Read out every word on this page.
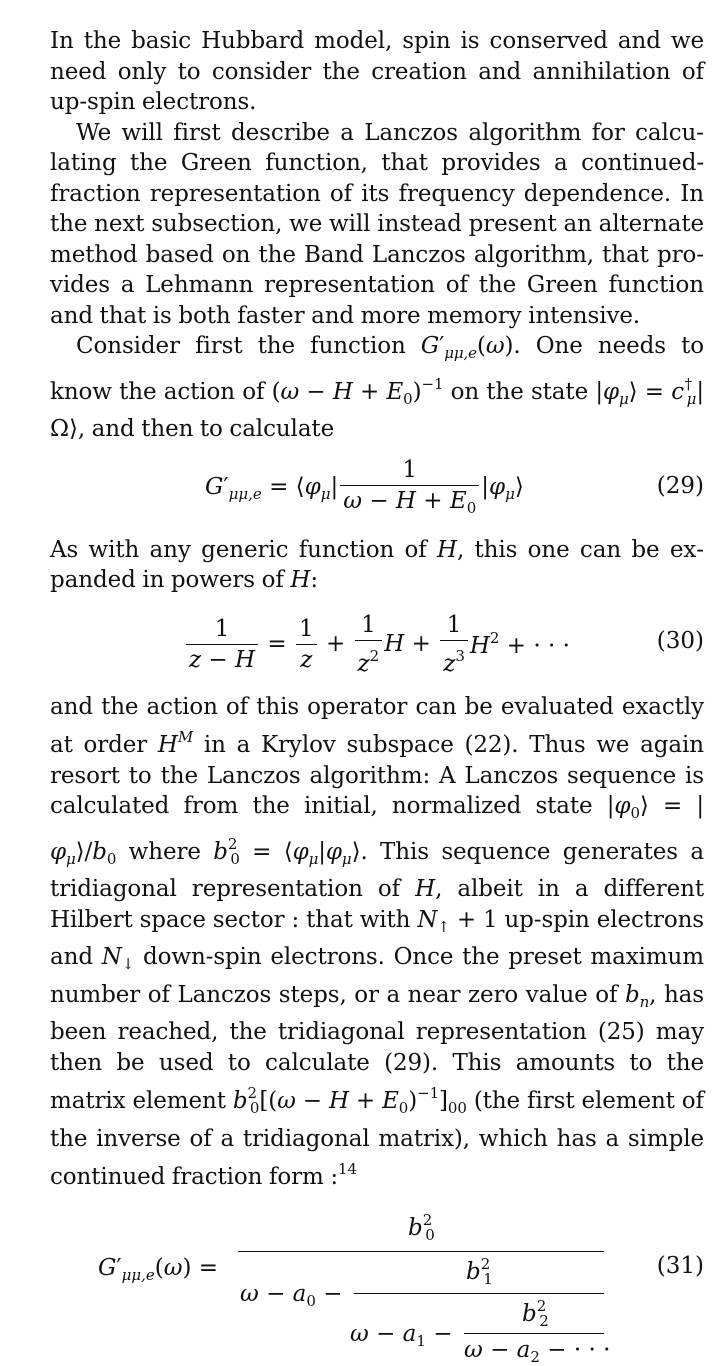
In the basic Hubbard model, spin is conserved and we need only to consider the creation and annihilation of up-spin electrons.

We will first describe a Lanczos algorithm for calculating the Green function, that provides a continued-fraction representation of its frequency dependence. In the next subsection, we will instead present an alternate method based on the Band Lanczos algorithm, that provides a Lehmann representation of the Green function and that is both faster and more memory intensive.

Consider first the function $G'_{\mu\mu,e}(\omega)$. One needs to know the action of $(\omega - H + E_0)^{-1}$ on the state $|\varphi_\mu⟩$ = $c^\dagger_\mu|\Omega⟩$, and then to calculate

$G'_{\mu\mu,e}$ = $⟨\varphi_\mu| \frac{1}{\omega - H + E_0}$ $|\varphi_\mu⟩$	(29)

As with any generic function of H, this one can be expanded in powers of H:

$\frac{1}{z - H} = \frac{1}{z} + \frac{1}{z^2}$ $H + \frac{1}{z^3} H^2$ + · · ·	(30)

and the action of this operator can be evaluated exactly at order $H^M$ in a Krylov subspace (22). Thus we again resort to the Lanczos algorithm: A Lanczos sequence is calculated from the initial, normalized state $|\varphi_0⟩$ = $|\varphi_\mu⟩/b_0$ where $b^2_0$ = $⟨\varphi_\mu|\varphi_\mu⟩$. This sequence generates a tridiagonal representation of H, albeit in a different Hilbert space sector : that with $N_↑ + 1$ up-spin electrons and $N_↓$ down-spin electrons. Once the preset maximum number of Lanczos steps, or a near zero value of $b_n$, has been reached, the tridiagonal representation (25) may then be used to calculate (29). This amounts to the matrix element $b^2_0[(\omega - H + E_0)^{-1}]_{00}$ (the first element of the inverse of a tridiagonal matrix), which has a simple continued fraction form :$^{14}$

$G'_{\mu\mu,e}(\omega)$ =
$b^2_0$
$\omega - a_0$ −
$b^2_1$
$\omega - a_1$ −
$b^2_2$
$\omega - a_2$ − · · ·
(31)
